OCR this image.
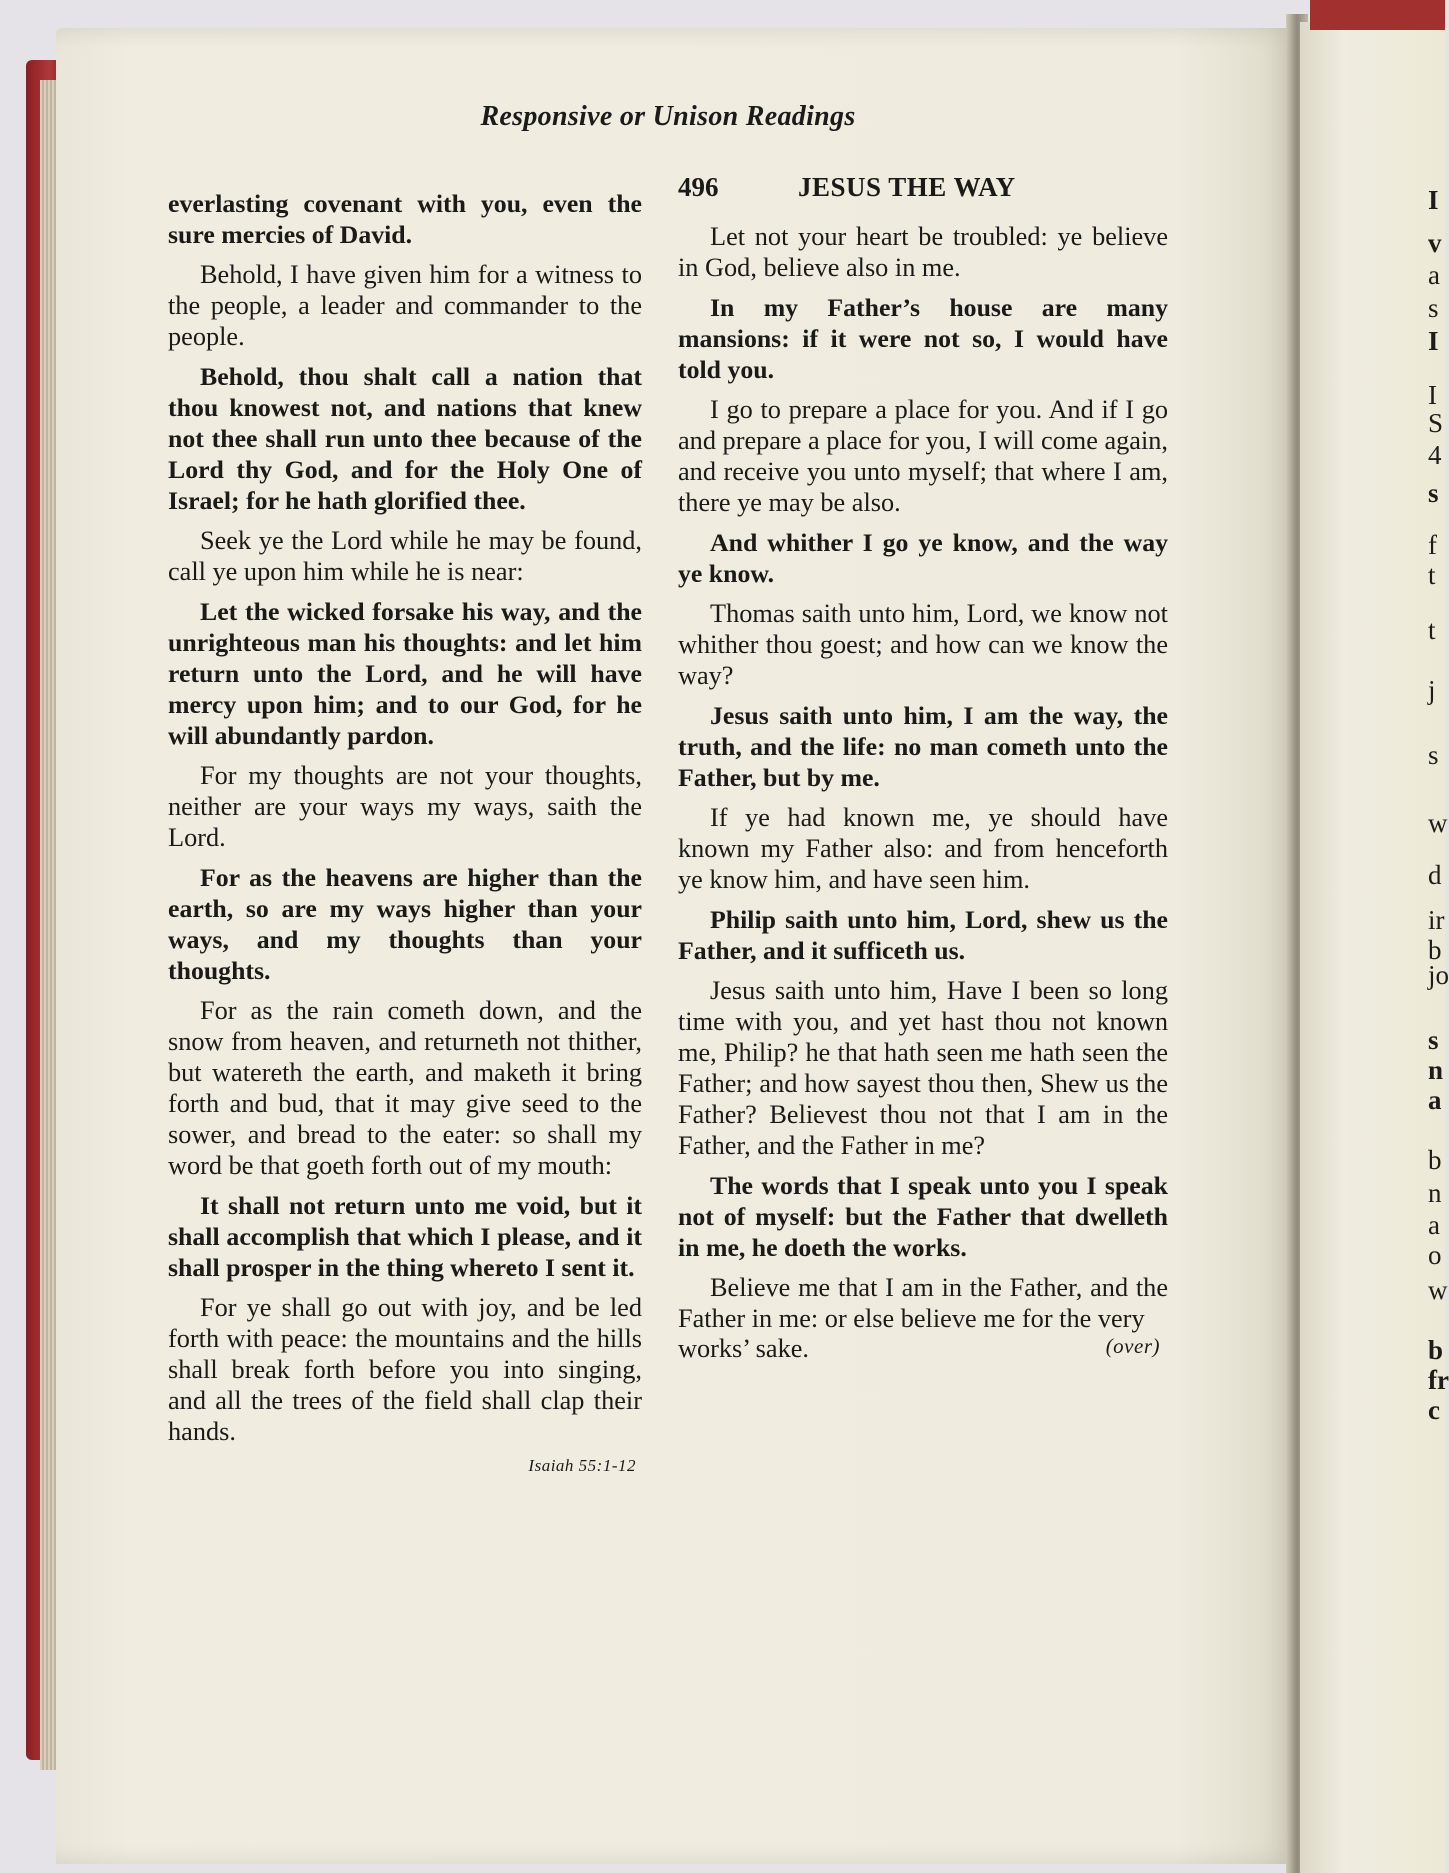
I
v
a
s
I
I
S
4
s
f
t
t
j
s
w
d
ir
b
jo
s
n
a
b
n
a
o
w
b
fr
c
Responsive or Unison Readings

everlasting covenant with you, even the sure mercies of David.

Behold, I have given him for a witness to the people, a leader and commander to the people.

Behold, thou shalt call a nation that thou knowest not, and nations that knew not thee shall run unto thee because of the Lord thy God, and for the Holy One of Israel; for he hath glorified thee.

Seek ye the Lord while he may be found, call ye upon him while he is near:

Let the wicked forsake his way, and the unrighteous man his thoughts: and let him return unto the Lord, and he will have mercy upon him; and to our God, for he will abundantly pardon.

For my thoughts are not your thoughts, neither are your ways my ways, saith the Lord.

For as the heavens are higher than the earth, so are my ways higher than your ways, and my thoughts than your thoughts.

For as the rain cometh down, and the snow from heaven, and returneth not thither, but watereth the earth, and maketh it bring forth and bud, that it may give seed to the sower, and bread to the eater: so shall my word be that goeth forth out of my mouth:

It shall not return unto me void, but it shall accomplish that which I please, and it shall prosper in the thing whereto I sent it.

For ye shall go out with joy, and be led forth with peace: the mountains and the hills shall break forth before you into singing, and all the trees of the field shall clap their hands.

Isaiah 55:1-12
496	JESUS THE WAY

Let not your heart be troubled: ye believe in God, believe also in me.

In my Father’s house are many mansions: if it were not so, I would have told you.

I go to prepare a place for you. And if I go and prepare a place for you, I will come again, and receive you unto myself; that where I am, there ye may be also.

And whither I go ye know, and the way ye know.

Thomas saith unto him, Lord, we know not whither thou goest; and how can we know the way?

Jesus saith unto him, I am the way, the truth, and the life: no man cometh unto the Father, but by me.

If ye had known me, ye should have known my Father also: and from henceforth ye know him, and have seen him.

Philip saith unto him, Lord, shew us the Father, and it sufficeth us.

Jesus saith unto him, Have I been so long time with you, and yet hast thou not known me, Philip? he that hath seen me hath seen the Father; and how sayest thou then, Shew us the Father? Believest thou not that I am in the Father, and the Father in me?

The words that I speak unto you I speak not of myself: but the Father that dwelleth in me, he doeth the works.

Believe me that I am in the Father, and the Father in me: or else believe me for the very

works’ sake.	(over)
